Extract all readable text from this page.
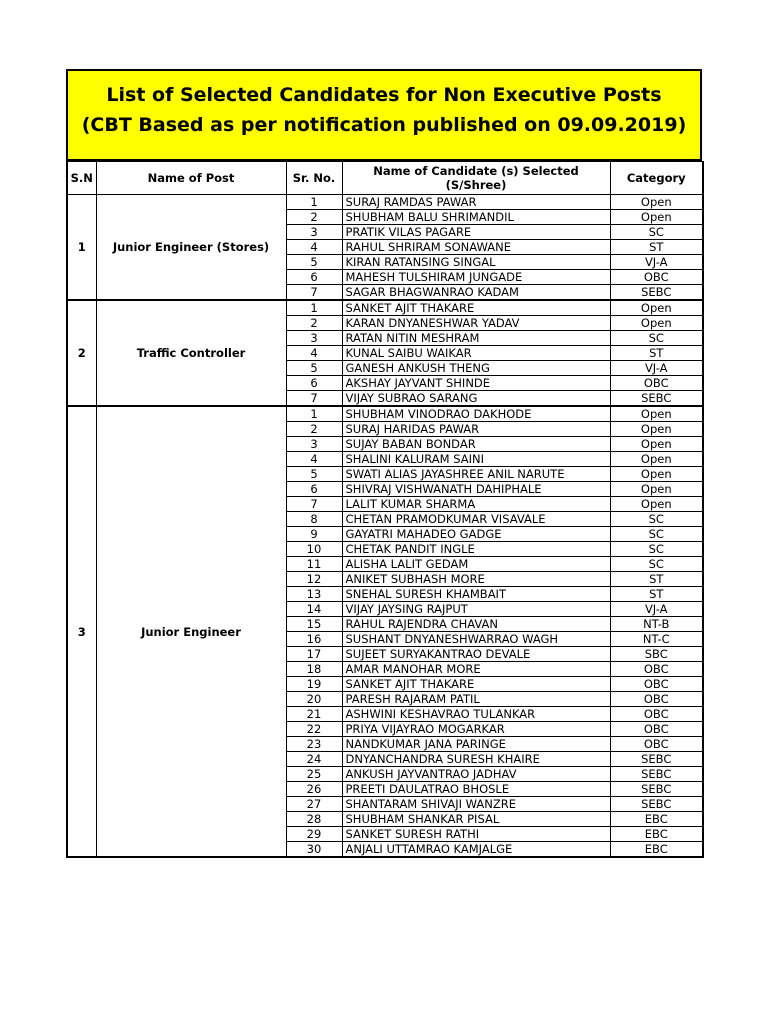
List of Selected Candidates for Non Executive Posts
(CBT Based as per notification published on 09.09.2019)
S.N	Name of Post	Sr. No.	Name of Candidate (s) Selected (S/Shree)	Category
1	Junior Engineer (Stores)	1	SURAJ RAMDAS PAWAR	Open
		2	SHUBHAM BALU SHRIMANDIL	Open
		3	PRATIK VILAS PAGARE	SC
		4	RAHUL SHRIRAM SONAWANE	ST
		5	KIRAN RATANSING SINGAL	VJ-A
		6	MAHESH TULSHIRAM JUNGADE	OBC
		7	SAGAR BHAGWANRAO KADAM	SEBC
2	Traffic Controller	1	SANKET AJIT THAKARE	Open
		2	KARAN DNYANESHWAR YADAV	Open
		3	RATAN NITIN MESHRAM	SC
		4	KUNAL SAIBU WAIKAR	ST
		5	GANESH ANKUSH THENG	VJ-A
		6	AKSHAY JAYVANT SHINDE	OBC
		7	VIJAY SUBRAO SARANG	SEBC
3	Junior Engineer	1	SHUBHAM VINODRAO DAKHODE	Open
		2	SURAJ HARIDAS PAWAR	Open
		3	SUJAY BABAN BONDAR	Open
		4	SHALINI KALURAM SAINI	Open
		5	SWATI ALIAS JAYASHREE ANIL NARUTE	Open
		6	SHIVRAJ VISHWANATH DAHIPHALE	Open
		7	LALIT KUMAR SHARMA	Open
		8	CHETAN PRAMODKUMAR VISAVALE	SC
		9	GAYATRI MAHADEO GADGE	SC
		10	CHETAK PANDIT INGLE	SC
		11	ALISHA LALIT GEDAM	SC
		12	ANIKET SUBHASH MORE	ST
		13	SNEHAL SURESH KHAMBAIT	ST
		14	VIJAY JAYSING RAJPUT	VJ-A
		15	RAHUL RAJENDRA CHAVAN	NT-B
		16	SUSHANT DNYANESHWARRAO WAGH	NT-C
		17	SUJEET SURYAKANTRAO DEVALE	SBC
		18	AMAR MANOHAR MORE	OBC
		19	SANKET AJIT THAKARE	OBC
		20	PARESH RAJARAM PATIL	OBC
		21	ASHWINI KESHAVRAO TULANKAR	OBC
		22	PRIYA VIJAYRAO MOGARKAR	OBC
		23	NANDKUMAR JANA PARINGE	OBC
		24	DNYANCHANDRA SURESH KHAIRE	SEBC
		25	ANKUSH JAYVANTRAO JADHAV	SEBC
		26	PREETI DAULATRAO BHOSLE	SEBC
		27	SHANTARAM SHIVAJI WANZRE	SEBC
		28	SHUBHAM SHANKAR PISAL	EBC
		29	SANKET SURESH RATHI	EBC
		30	ANJALI UTTAMRAO KAMJALGE	EBC
